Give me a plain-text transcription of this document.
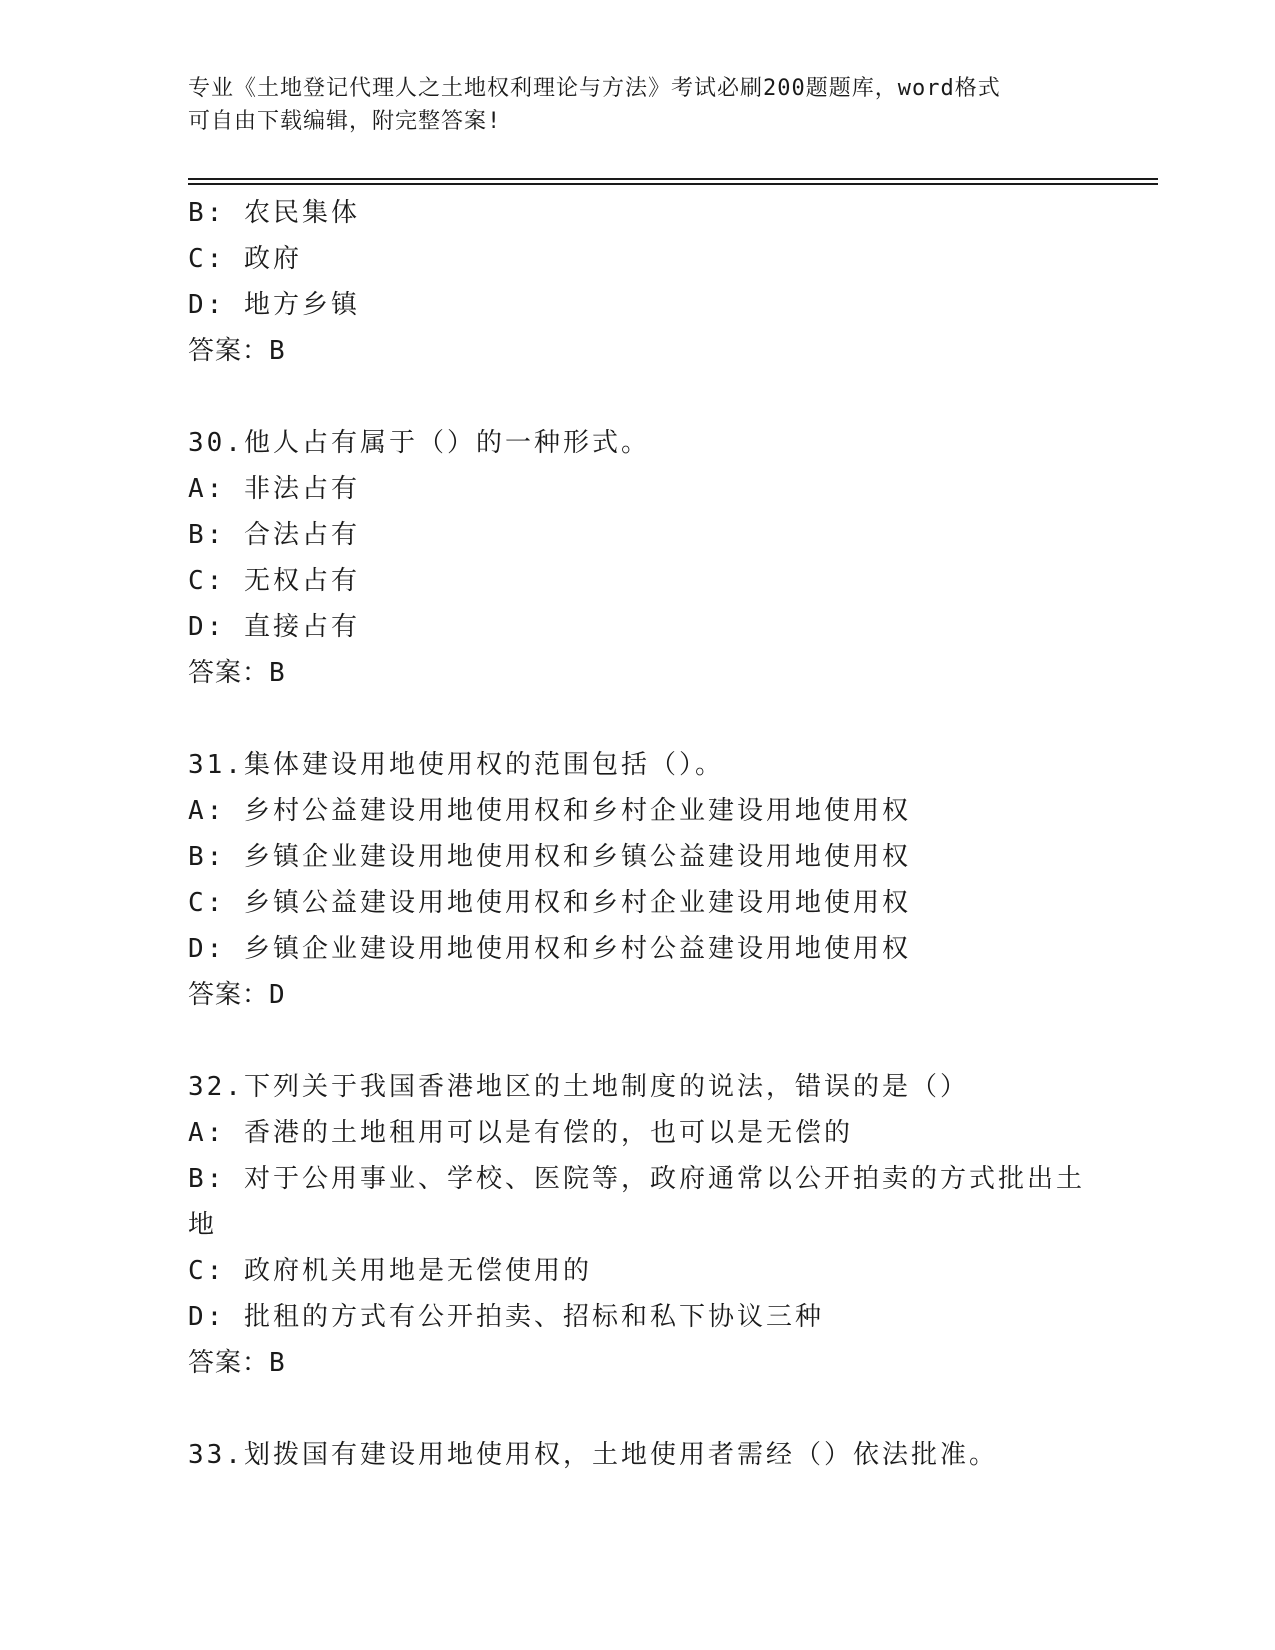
专业《土地登记代理人之土地权利理论与方法》考试必刷200题题库，word格式
可自由下载编辑，附完整答案!
B: 农民集体
C: 政府
D: 地方乡镇
答案：B
30.他人占有属于（）的一种形式。
A: 非法占有
B: 合法占有
C: 无权占有
D: 直接占有
答案：B
31.集体建设用地使用权的范围包括（）。
A: 乡村公益建设用地使用权和乡村企业建设用地使用权
B: 乡镇企业建设用地使用权和乡镇公益建设用地使用权
C: 乡镇公益建设用地使用权和乡村企业建设用地使用权
D: 乡镇企业建设用地使用权和乡村公益建设用地使用权
答案：D
32.下列关于我国香港地区的土地制度的说法，错误的是（）
A: 香港的土地租用可以是有偿的，也可以是无偿的
B: 对于公用事业、学校、医院等，政府通常以公开拍卖的方式批出土
地
C: 政府机关用地是无偿使用的
D: 批租的方式有公开拍卖、招标和私下协议三种
答案：B
33.划拨国有建设用地使用权，土地使用者需经（）依法批准。
